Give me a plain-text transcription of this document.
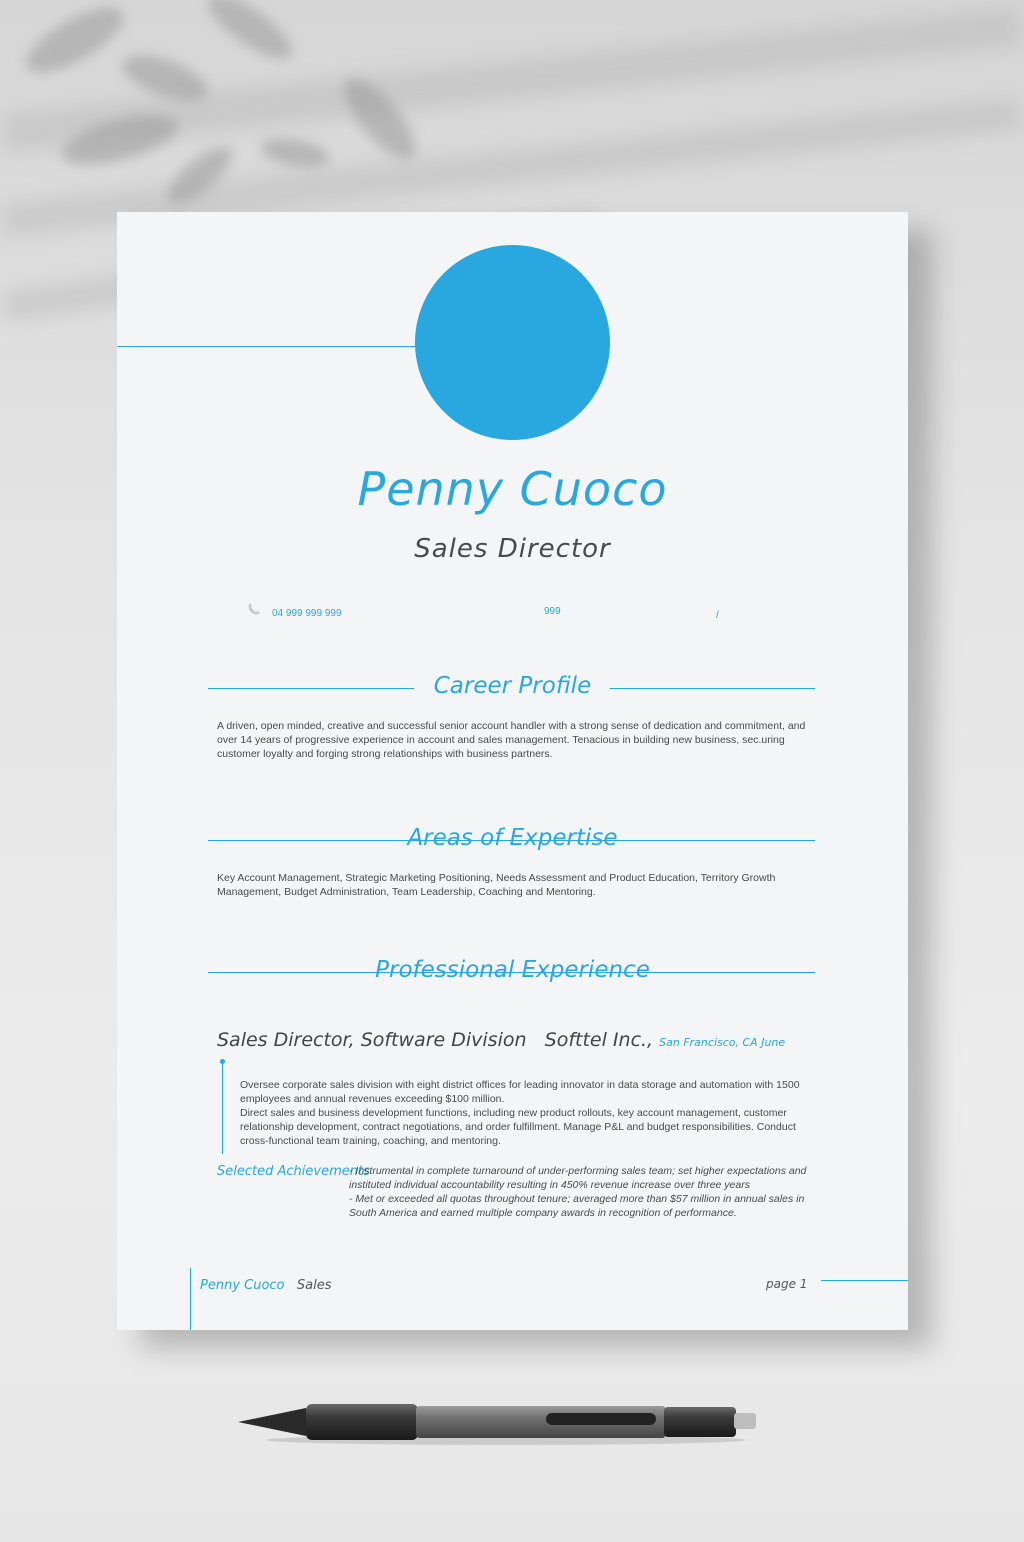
Penny Cuoco
Sales Director
04 999 999 999	999	/
Career Profile
A driven, open minded, creative and successful senior account handler with a strong sense of dedication and commitment, and over 14 years of progressive experience in account and sales management. Tenacious in building new business, sec.uring customer loyalty and forging strong relationships with business partners.
Areas of Expertise
Key Account Management, Strategic Marketing Positioning, Needs Assessment and Product Education, Territory Growth Management, Budget Administration, Team Leadership, Coaching and Mentoring.
Professional Experience
Sales Director, Software Division Softtel Inc., San Francisco, CA June
Oversee corporate sales division with eight district offices for leading innovator in data storage and automation with 1500 employees and annual revenues exceeding $100 million.
Direct sales and business development functions, including new product rollouts, key account management, customer relationship development, contract negotiations, and order fulfillment. Manage P&L and budget responsibilities. Conduct cross-functional team training, coaching, and mentoring.
Selected Achievements
- Instrumental in complete turnaround of under-performing sales team; set higher expectations and instituted individual accountability resulting in 450% revenue increase over three years
- Met or exceeded all quotas throughout tenure; averaged more than $57 million in annual sales in South America and earned multiple company awards in recognition of performance.
Penny Cuoco Sales	page 1
